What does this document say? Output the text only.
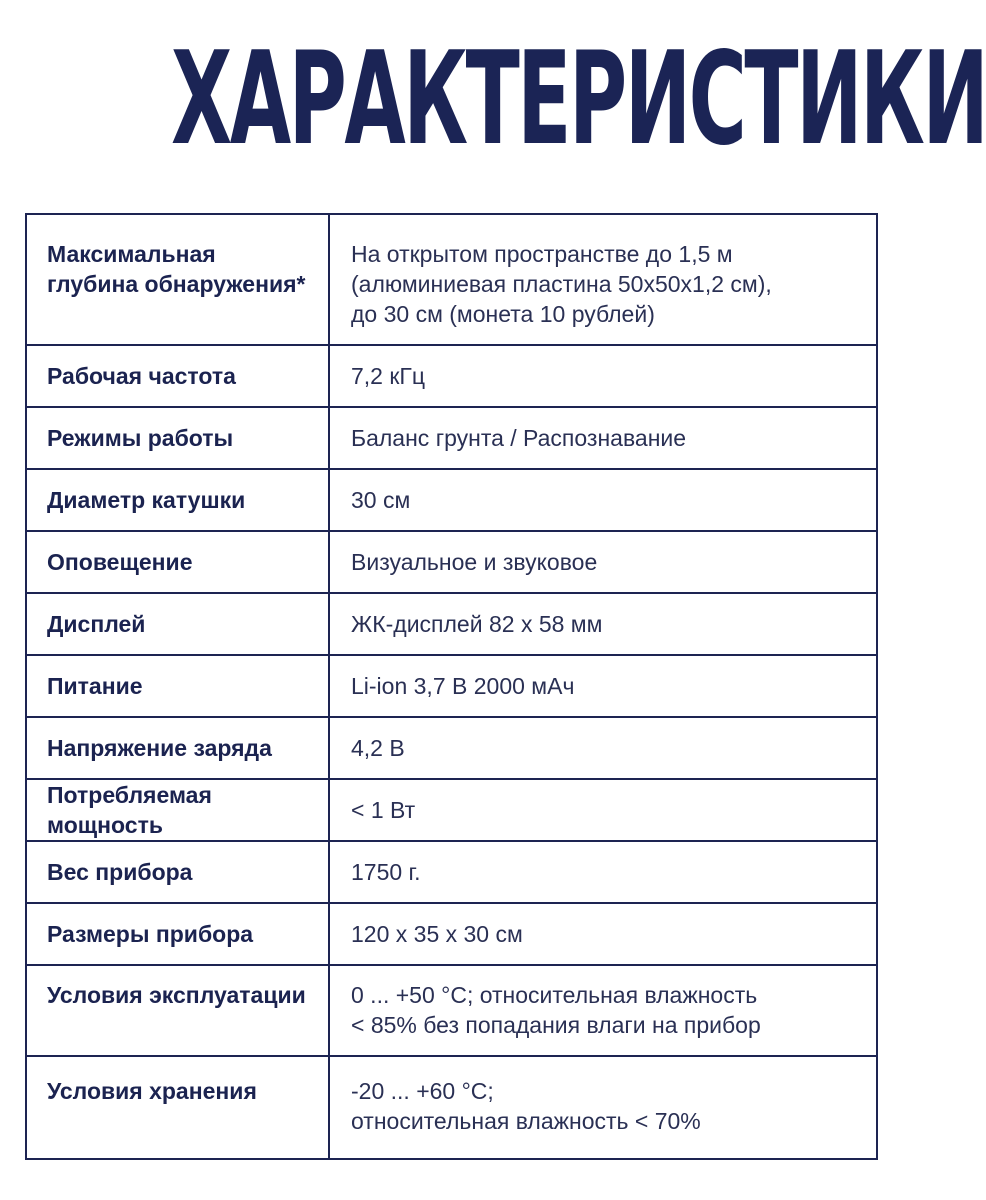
ХАРАКТЕРИСТИКИ
Максимальная глубина обнаружения*	На открытом пространстве до 1,5 м
(алюминиевая пластина 50х50х1,2 см),
до 30 см (монета 10 рублей)

Рабочая частота	7,2 кГц
Режимы работы	Баланс грунта / Распознавание
Диаметр катушки	30 см
Оповещение	Визуальное и звуковое
Дисплей	ЖК-дисплей 82 х 58 мм
Питание	Li-ion 3,7 В 2000 мАч
Напряжение заряда	4,2 В
Потребляемая мощность	< 1 Вт
Вес прибора	1750 г.
Размеры прибора	120 х 35 х 30 см
Условия эксплуатации	0 ... +50 °С; относительная влажность
< 85% без попадания влаги на прибор

Условия хранения	-20 ... +60 °С;
относительная влажность < 70%
